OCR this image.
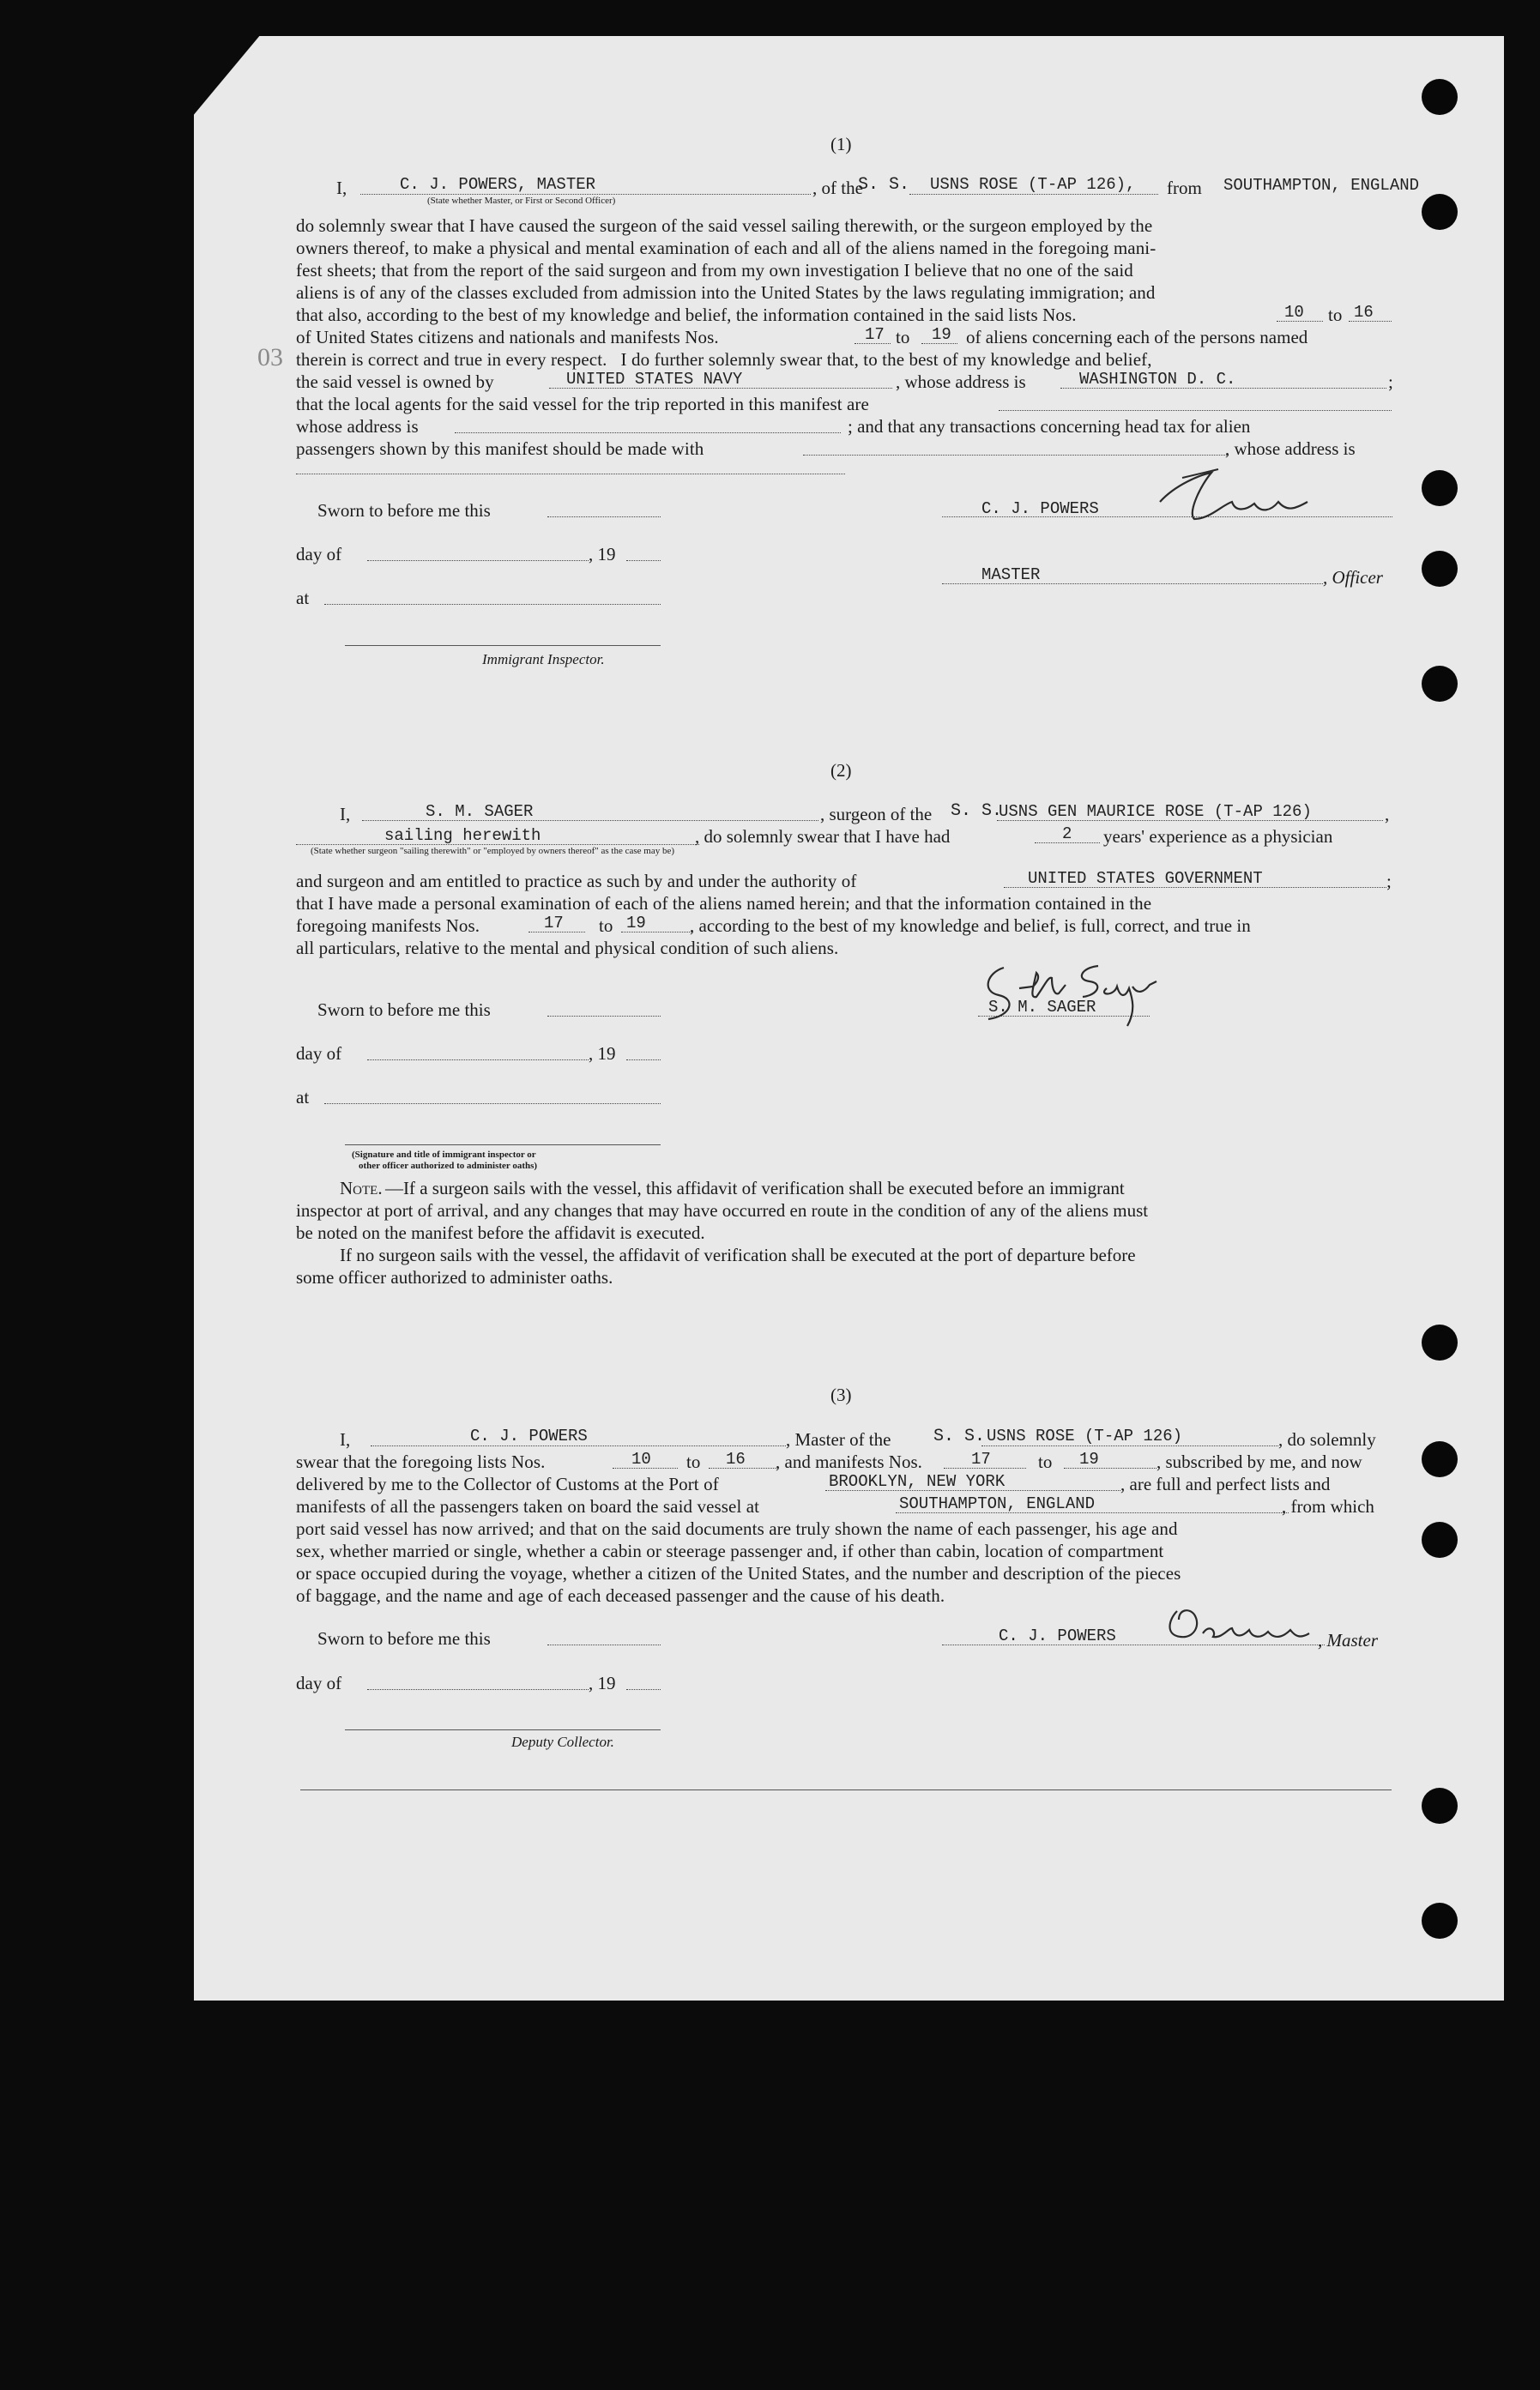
(1)
I,	C. J. POWERS, MASTER
(State whether Master, or First or Second Officer)
, of the
S. S. USNS ROSE (T-AP 126), from SOUTHAMPTON, ENGLAND
do solemnly swear that I have caused the surgeon of the said vessel sailing therewith, or the surgeon employed by the
owners thereof, to make a physical and mental examination of each and all of the aliens named in the foregoing mani-
fest sheets; that from the report of the said surgeon and from my own investigation I believe that no one of the said
aliens is of any of the classes excluded from admission into the United States by the laws regulating immigration; and
that also, according to the best of my knowledge and belief, the information contained in the said lists Nos.	10 to 16
of United States citizens and nationals and manifests Nos.	17 to 19 of aliens concerning each of the persons named
therein is correct and true in every respect.   I do further solemnly swear that, to the best of my knowledge and belief,
the said vessel is owned by	UNITED STATES NAVY	, whose address is	WASHINGTON D. C.	;
that the local agents for the said vessel for the trip reported in this manifest are
whose address is	; and that any transactions concerning head tax for alien
passengers shown by this manifest should be made with	, whose address is
03
Sworn to before me this
day of	, 19
at
Immigrant Inspector.
C. J. POWERS
MASTER	, Officer
(2)
I,	S. M. SAGER	, surgeon of the S. S.
USNS GEN MAURICE ROSE (T-AP 126)	,
sailing herewith
(State whether surgeon "sailing therewith" or "employed by owners thereof" as the case may be)
, do solemnly swear that I have had	2 years' experience as a physician
and surgeon and am entitled to practice as such by and under the authority of	UNITED STATES GOVERNMENT	;
that I have made a personal examination of each of the aliens named herein; and that the information contained in the
foregoing manifests Nos.	17 to 19 , according to the best of my knowledge and belief, is full, correct, and true in
all particulars, relative to the mental and physical condition of such aliens.
Sworn to before me this
day of	, 19
at
(Signature and title of immigrant inspector or
other officer authorized to administer oaths)
S. M. SAGER
Note. —If a surgeon sails with the vessel, this affidavit of verification shall be executed before an immigrant
inspector at port of arrival, and any changes that may have occurred en route in the condition of any of the aliens must
be noted on the manifest before the affidavit is executed.
If no surgeon sails with the vessel, the affidavit of verification shall be executed at the port of departure before
some officer authorized to administer oaths.
(3)
I,	C. J. POWERS	, Master of the S. S. USNS ROSE (T-AP 126)	, do solemnly
swear that the foregoing lists Nos.	10 to 16 , and manifests Nos.	17	to 19	, subscribed by me, and now
delivered by me to the Collector of Customs at the Port of	BROOKLYN, NEW YORK	, are full and perfect lists and
manifests of all the passengers taken on board the said vessel at	SOUTHAMPTON, ENGLAND	, from which
port said vessel has now arrived; and that on the said documents are truly shown the name of each passenger, his age and
sex, whether married or single, whether a cabin or steerage passenger and, if other than cabin, location of compartment
or space occupied during the voyage, whether a citizen of the United States, and the number and description of the pieces
of baggage, and the name and age of each deceased passenger and the cause of his death.
Sworn to before me this
day of	, 19
Deputy Collector.
C. J. POWERS	, Master
